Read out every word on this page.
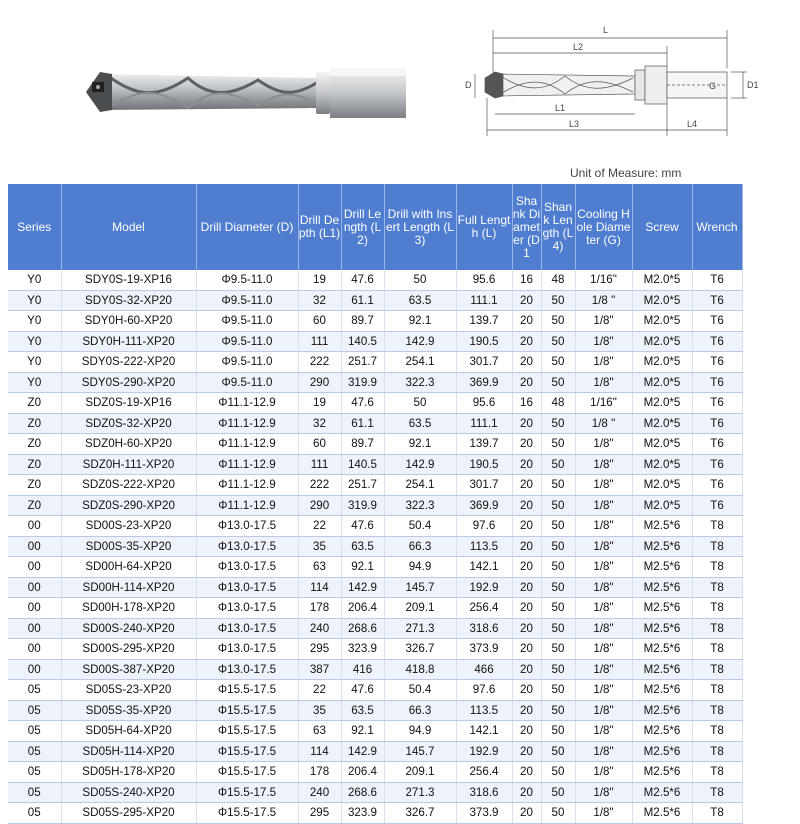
L
L2
L1
L3	L4
D1
G
D
Unit of Measure: mm
Series	Model	Drill Diameter (D)	Drill Depth (L1)	Drill Length (L2)	Drill with Insert Length (L3)	Full Length (L)	Shank Diameter (D1	Shank Length (L4)	Cooling Hole Diameter (G)	Screw	Wrench
Y0	SDY0S-19-XP16	Φ9.5-11.0	19	47.6	50	95.6	16	48	1/16"	M2.0*5	T6
Y0	SDY0S-32-XP20	Φ9.5-11.0	32	61.1	63.5	111.1	20	50	1/8 "	M2.0*5	T6
Y0	SDY0H-60-XP20	Φ9.5-11.0	60	89.7	92.1	139.7	20	50	1/8"	M2.0*5	T6
Y0	SDY0H-111-XP20	Φ9.5-11.0	111	140.5	142.9	190.5	20	50	1/8"	M2.0*5	T6
Y0	SDY0S-222-XP20	Φ9.5-11.0	222	251.7	254.1	301.7	20	50	1/8"	M2.0*5	T6
Y0	SDY0S-290-XP20	Φ9.5-11.0	290	319.9	322.3	369.9	20	50	1/8"	M2.0*5	T6
Z0	SDZ0S-19-XP16	Φ11.1-12.9	19	47.6	50	95.6	16	48	1/16"	M2.0*5	T6
Z0	SDZ0S-32-XP20	Φ11.1-12.9	32	61.1	63.5	111.1	20	50	1/8 "	M2.0*5	T6
Z0	SDZ0H-60-XP20	Φ11.1-12.9	60	89.7	92.1	139.7	20	50	1/8"	M2.0*5	T6
Z0	SDZ0H-111-XP20	Φ11.1-12.9	111	140.5	142.9	190.5	20	50	1/8"	M2.0*5	T6
Z0	SDZ0S-222-XP20	Φ11.1-12.9	222	251.7	254.1	301.7	20	50	1/8"	M2.0*5	T6
Z0	SDZ0S-290-XP20	Φ11.1-12.9	290	319.9	322.3	369.9	20	50	1/8"	M2.0*5	T6
00	SD00S-23-XP20	Φ13.0-17.5	22	47.6	50.4	97.6	20	50	1/8"	M2.5*6	T8
00	SD00S-35-XP20	Φ13.0-17.5	35	63.5	66.3	113.5	20	50	1/8"	M2.5*6	T8
00	SD00H-64-XP20	Φ13.0-17.5	63	92.1	94.9	142.1	20	50	1/8"	M2.5*6	T8
00	SD00H-114-XP20	Φ13.0-17.5	114	142.9	145.7	192.9	20	50	1/8"	M2.5*6	T8
00	SD00H-178-XP20	Φ13.0-17.5	178	206.4	209.1	256.4	20	50	1/8"	M2.5*6	T8
00	SD00S-240-XP20	Φ13.0-17.5	240	268.6	271.3	318.6	20	50	1/8"	M2.5*6	T8
00	SD00S-295-XP20	Φ13.0-17.5	295	323.9	326.7	373.9	20	50	1/8"	M2.5*6	T8
00	SD00S-387-XP20	Φ13.0-17.5	387	416	418.8	466	20	50	1/8"	M2.5*6	T8
05	SD05S-23-XP20	Φ15.5-17.5	22	47.6	50.4	97.6	20	50	1/8"	M2.5*6	T8
05	SD05S-35-XP20	Φ15.5-17.5	35	63.5	66.3	113.5	20	50	1/8"	M2.5*6	T8
05	SD05H-64-XP20	Φ15.5-17.5	63	92.1	94.9	142.1	20	50	1/8"	M2.5*6	T8
05	SD05H-114-XP20	Φ15.5-17.5	114	142.9	145.7	192.9	20	50	1/8"	M2.5*6	T8
05	SD05H-178-XP20	Φ15.5-17.5	178	206.4	209.1	256.4	20	50	1/8"	M2.5*6	T8
05	SD05S-240-XP20	Φ15.5-17.5	240	268.6	271.3	318.6	20	50	1/8"	M2.5*6	T8
05	SD05S-295-XP20	Φ15.5-17.5	295	323.9	326.7	373.9	20	50	1/8"	M2.5*6	T8
